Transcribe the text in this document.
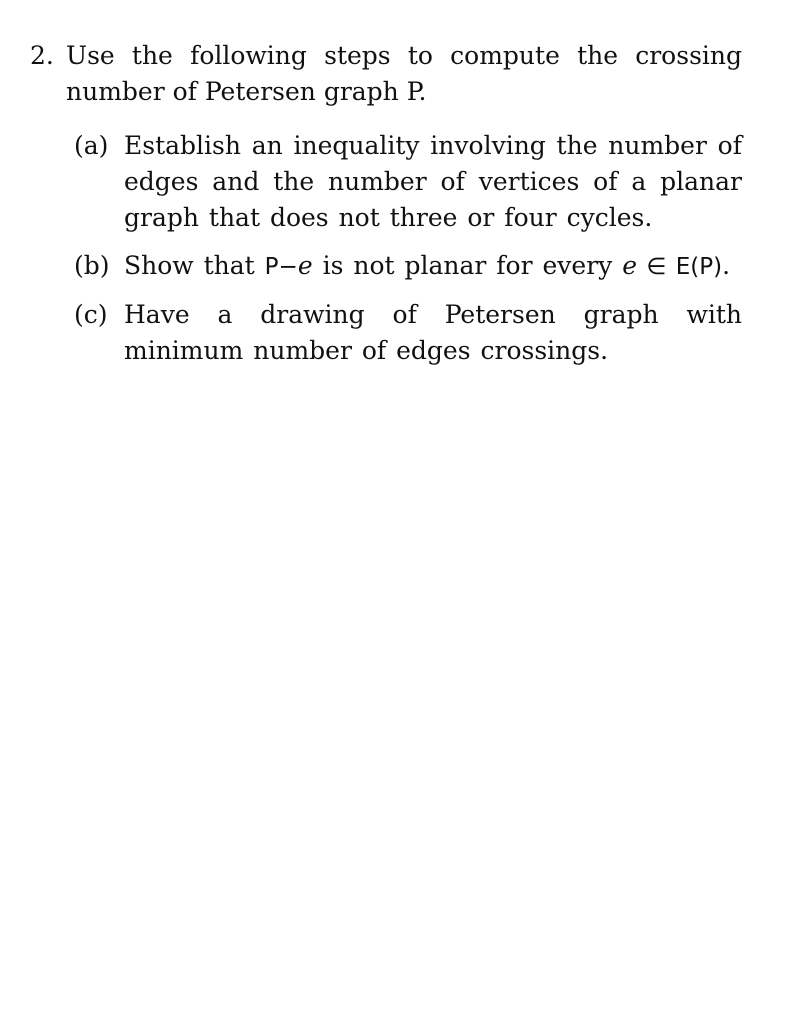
2. Use the following steps to compute the crossing number of Petersen graph P.
(a) Establish an inequality involving the number of edges and the number of vertices of a planar graph that does not three or four cycles.
(b) Show that P−e is not planar for every e ∈ E(P).
(c) Have a drawing of Petersen graph with minimum number of edges crossings.
